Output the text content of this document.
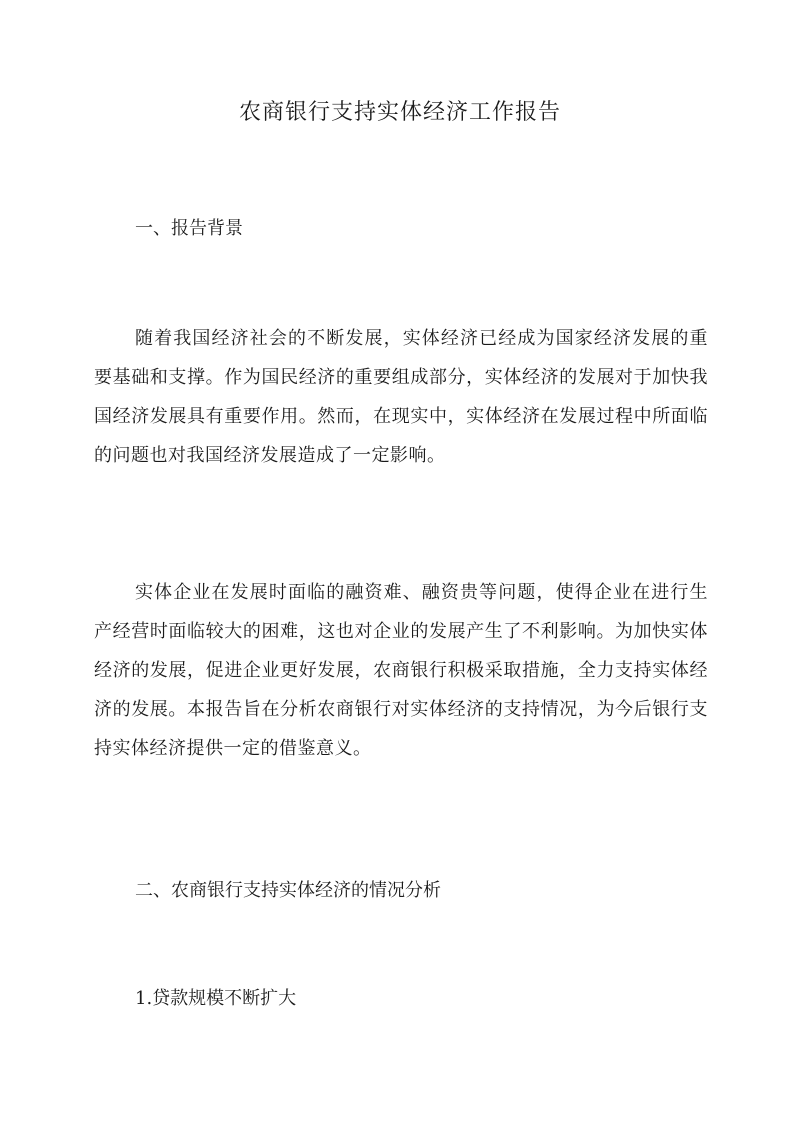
农商银行支持实体经济工作报告
一、报告背景

随着我国经济社会的不断发展，实体经济已经成为国家经济发展的重要基础和支撑。作为国民经济的重要组成部分，实体经济的发展对于加快我国经济发展具有重要作用。然而，在现实中，实体经济在发展过程中所面临的问题也对我国经济发展造成了一定影响。

实体企业在发展时面临的融资难、融资贵等问题，使得企业在进行生产经营时面临较大的困难，这也对企业的发展产生了不利影响。为加快实体经济的发展，促进企业更好发展，农商银行积极采取措施，全力支持实体经济的发展。本报告旨在分析农商银行对实体经济的支持情况，为今后银行支持实体经济提供一定的借鉴意义。

二、农商银行支持实体经济的情况分析
1.贷款规模不断扩大
